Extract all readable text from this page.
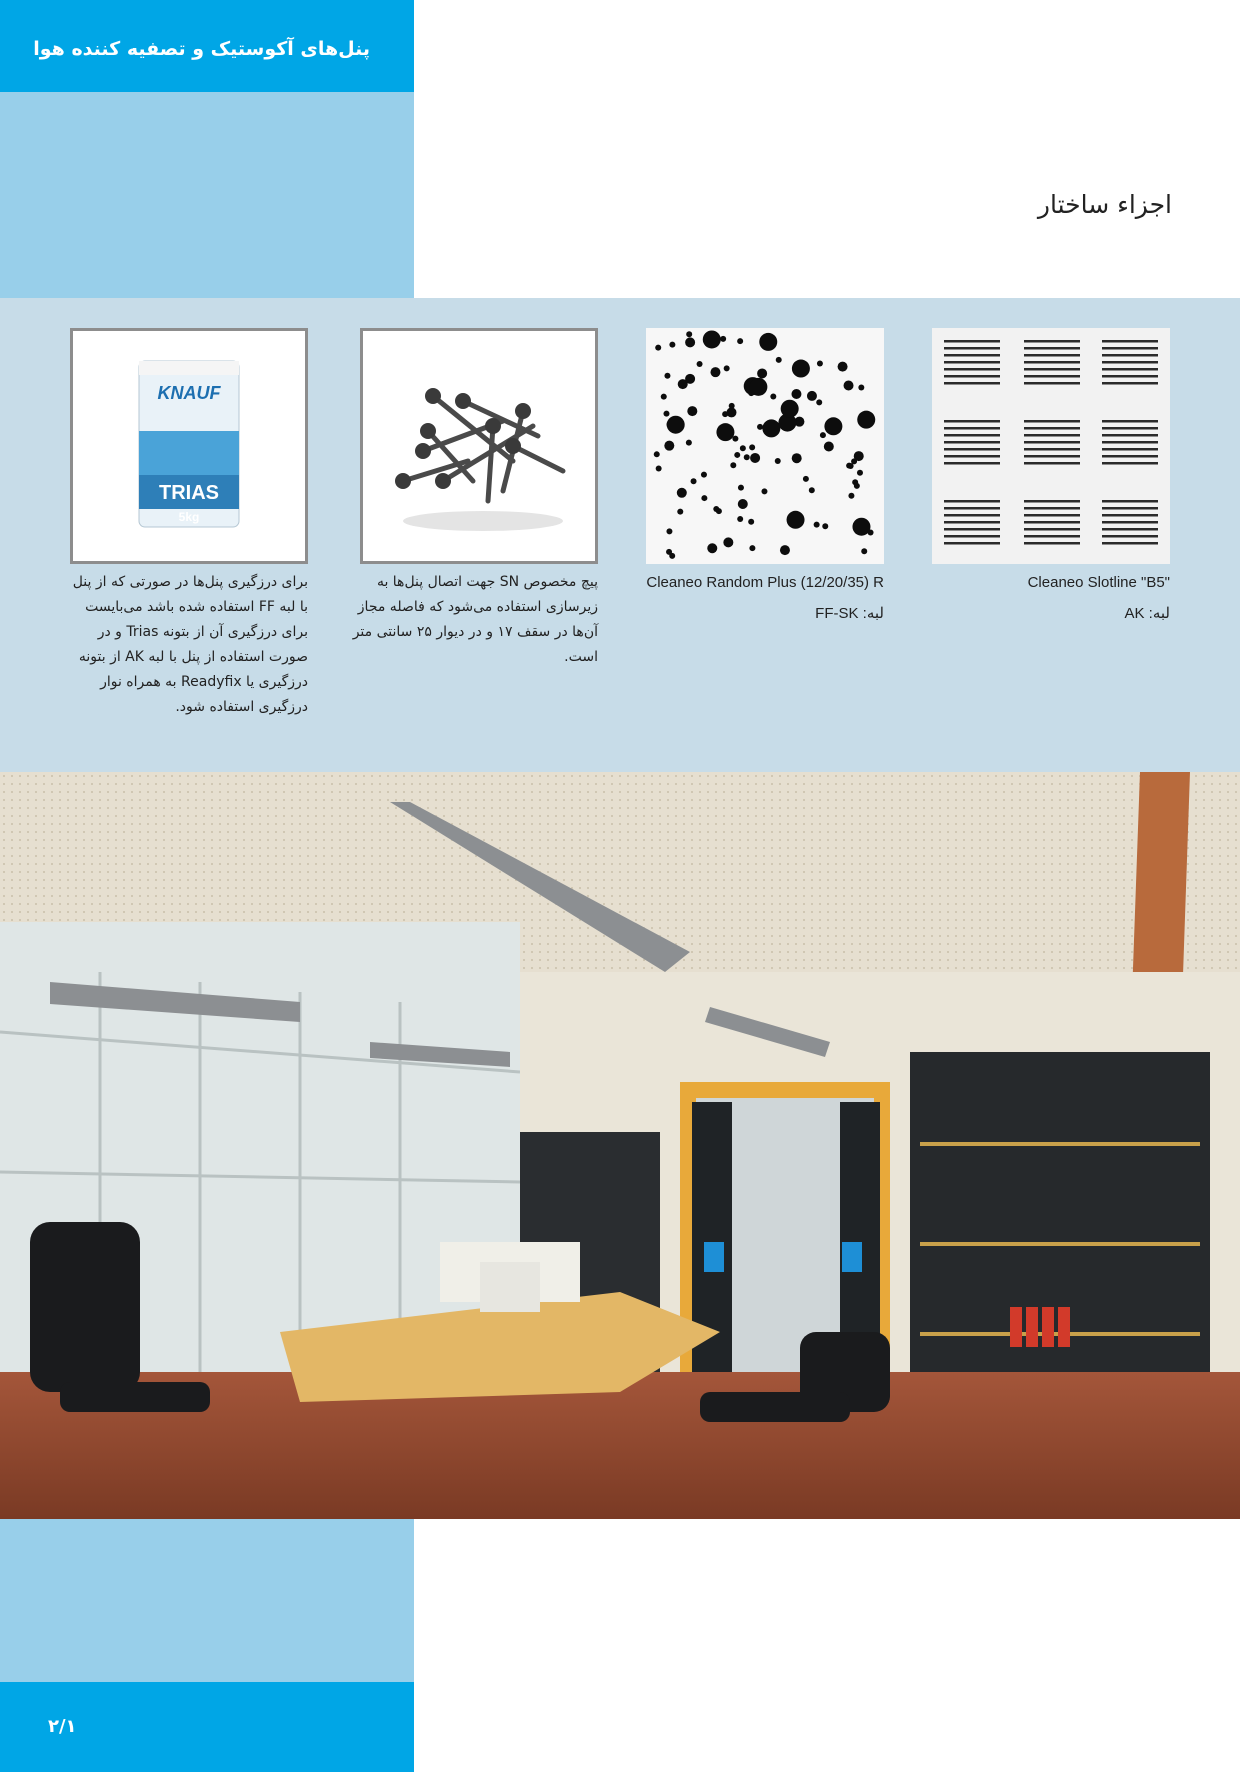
پنل‌های آکوستیک و تصفیه کننده هوا
اجزاء ساختار
Cleaneo Slotline "B5"
لبه: AK
Cleaneo Random Plus (12/20/35) R
لبه: FF-SK
پیچ مخصوص SN جهت اتصال پنل‌ها به
زیرسازی استفاده می‌شود که فاصله مجاز
آن‌ها در سقف ۱۷ و در دیوار ۲۵ سانتی متر
است.
KNAUF
TRIAS
5kg
برای درزگیری پنل‌ها در صورتی که از پنل
با لبه FF استفاده شده باشد می‌بایست
برای درزگیری آن از بتونه Trias و در
صورت استفاده از پنل با لبه AK از بتونه
درزگیری یا Readyfix به همراه نوار
درزگیری استفاده شود.
۲/۱
